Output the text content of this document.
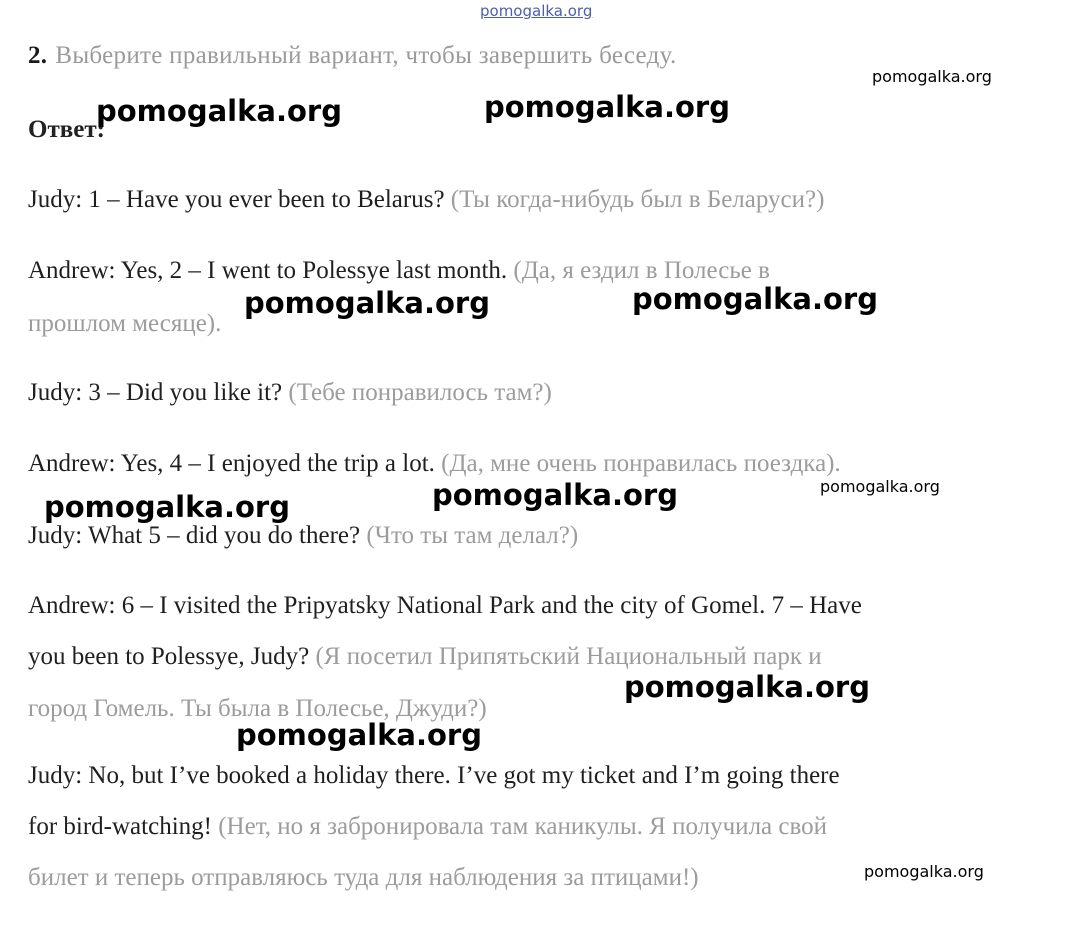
pomogalka.org
2. Выберите правильный вариант, чтобы завершить беседу.
Ответ:
Judy: 1 – Have you ever been to Belarus? (Ты когда-нибудь был в Беларуси?)
Andrew: Yes, 2 – I went to Polessye last month. (Да, я ездил в Полесье в
прошлом месяце).
Judy: 3 – Did you like it? (Тебе понравилось там?)
Andrew: Yes, 4 – I enjoyed the trip a lot. (Да, мне очень понравилась поездка).
Judy: What 5 – did you do there? (Что ты там делал?)
Andrew: 6 – I visited the Pripyatsky National Park and the city of Gomel. 7 – Have
you been to Polessye, Judy? (Я посетил Припятьский Национальный парк и
город Гомель. Ты была в Полесье, Джуди?)
Judy: No, but I’ve booked a holiday there. I’ve got my ticket and I’m going there
for bird-watching! (Нет, но я забронировала там каникулы. Я получила свой
билет и теперь отправляюсь туда для наблюдения за птицами!)
pomogalka.org	pomogalka.org
pomogalka.org
pomogalka.org	pomogalka.org
pomogalka.org
pomogalka.org
pomogalka.org
pomogalka.org
pomogalka.org
pomogalka.org
